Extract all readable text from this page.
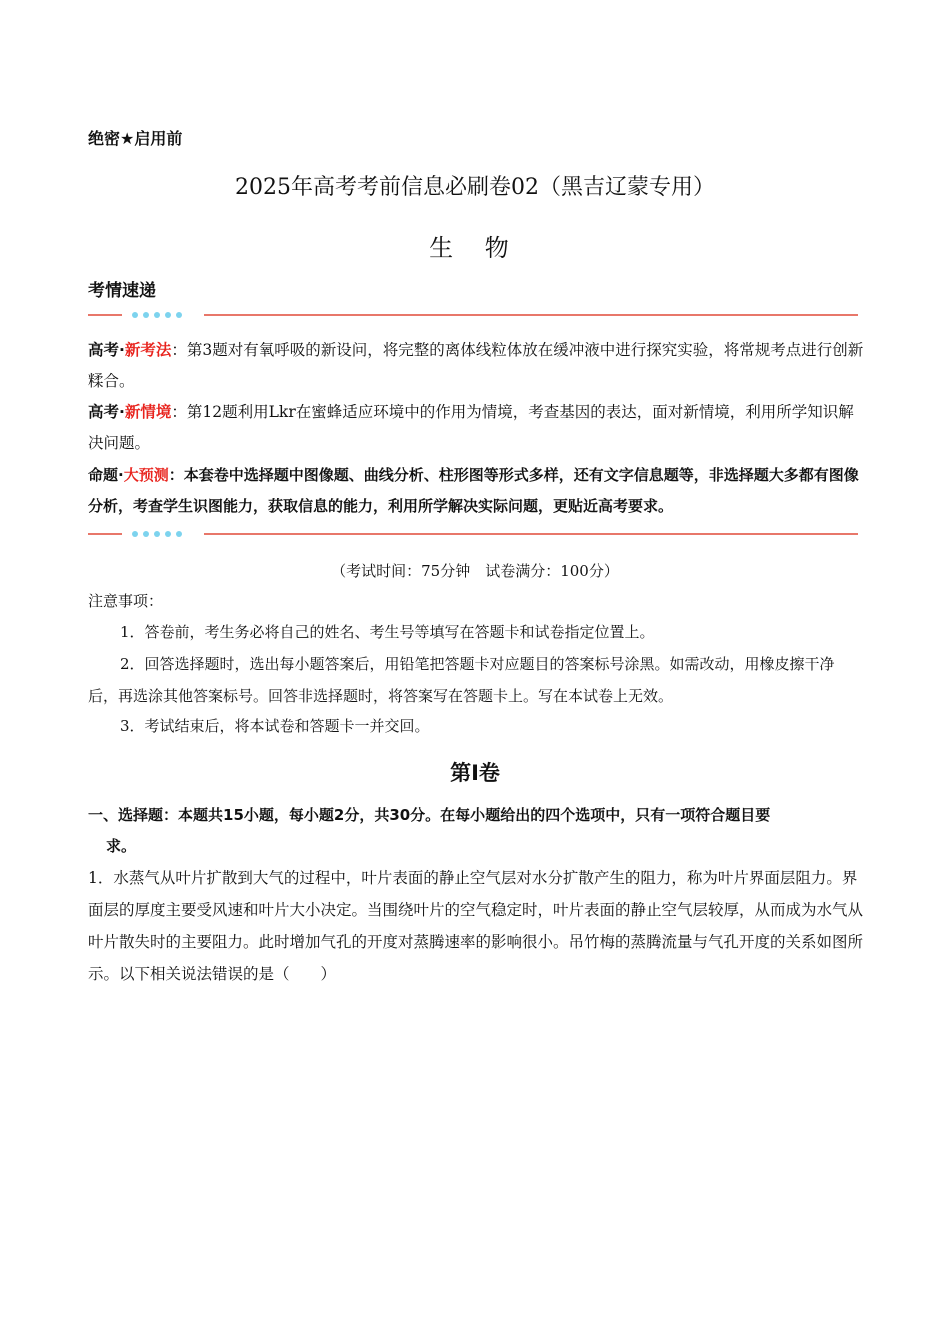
绝密★启用前
2025年高考考前信息必刷卷02（黑吉辽蒙专用）
生 物
考情速递
高考·新考法：第3题对有氧呼吸的新设问，将完整的离体线粒体放在缓冲液中进行探究实验，将常规考点进行创新糅合。
高考·新情境：第12题利用Lkr在蜜蜂适应环境中的作用为情境，考查基因的表达，面对新情境，利用所学知识解决问题。
命题·大预测：本套卷中选择题中图像题、曲线分析、柱形图等形式多样，还有文字信息题等，非选择题大多都有图像分析，考查学生识图能力，获取信息的能力，利用所学解决实际问题，更贴近高考要求。
（考试时间：75分钟　试卷满分：100分）
注意事项：
1．答卷前，考生务必将自己的姓名、考生号等填写在答题卡和试卷指定位置上。
2．回答选择题时，选出每小题答案后，用铅笔把答题卡对应题目的答案标号涂黑。如需改动，用橡皮擦干净后，再选涂其他答案标号。回答非选择题时，将答案写在答题卡上。写在本试卷上无效。
3．考试结束后，将本试卷和答题卡一并交回。
第Ⅰ卷
一、选择题：本题共15小题，每小题2分，共30分。在每小题给出的四个选项中，只有一项符合题目要
求。
1．水蒸气从叶片扩散到大气的过程中，叶片表面的静止空气层对水分扩散产生的阻力，称为叶片界面层阻力。界面层的厚度主要受风速和叶片大小决定。当围绕叶片的空气稳定时，叶片表面的静止空气层较厚，从而成为水气从叶片散失时的主要阻力。此时增加气孔的开度对蒸腾速率的影响很小。吊竹梅的蒸腾流量与气孔开度的关系如图所示。以下相关说法错误的是（　　）
